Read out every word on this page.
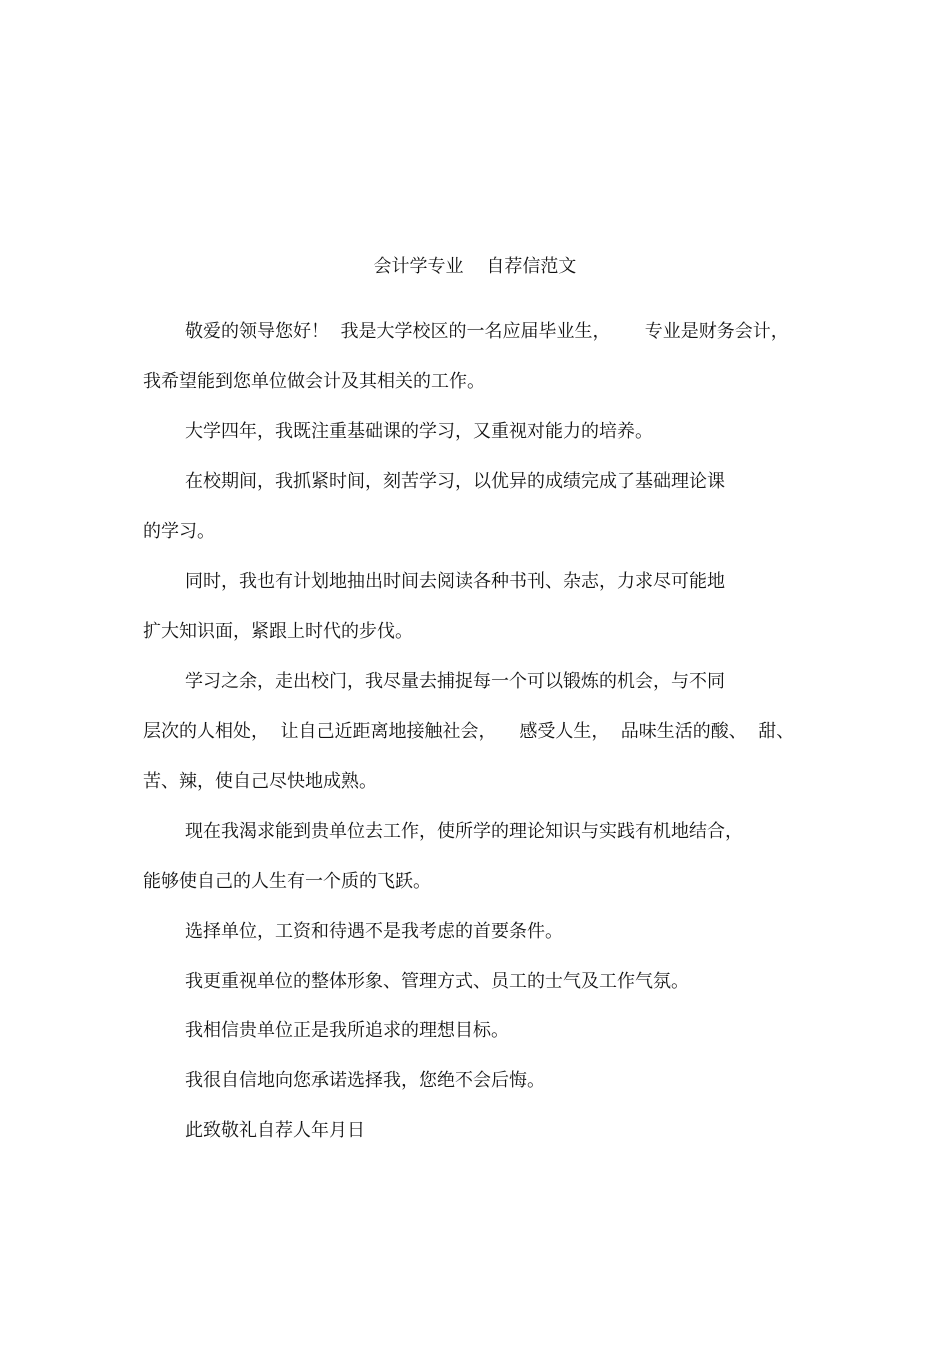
会计学专业    自荐信范文
敬爱的领导您好！  我是大学校区的一名应届毕业生，      专业是财务会计，
我希望能到您单位做会计及其相关的工作。
大学四年，我既注重基础课的学习，又重视对能力的培养。
在校期间，我抓紧时间，刻苦学习，以优异的成绩完成了基础理论课
的学习。
同时，我也有计划地抽出时间去阅读各种书刊、杂志，力求尽可能地
扩大知识面，紧跟上时代的步伐。
学习之余，走出校门，我尽量去捕捉每一个可以锻炼的机会，与不同
层次的人相处，  让自己近距离地接触社会，    感受人生，  品味生活的酸、  甜、
苦、辣，使自己尽快地成熟。
现在我渴求能到贵单位去工作，使所学的理论知识与实践有机地结合，
能够使自己的人生有一个质的飞跃。
选择单位，工资和待遇不是我考虑的首要条件。
我更重视单位的整体形象、管理方式、员工的士气及工作气氛。
我相信贵单位正是我所追求的理想目标。
我很自信地向您承诺选择我，您绝不会后悔。
此致敬礼自荐人年月日
